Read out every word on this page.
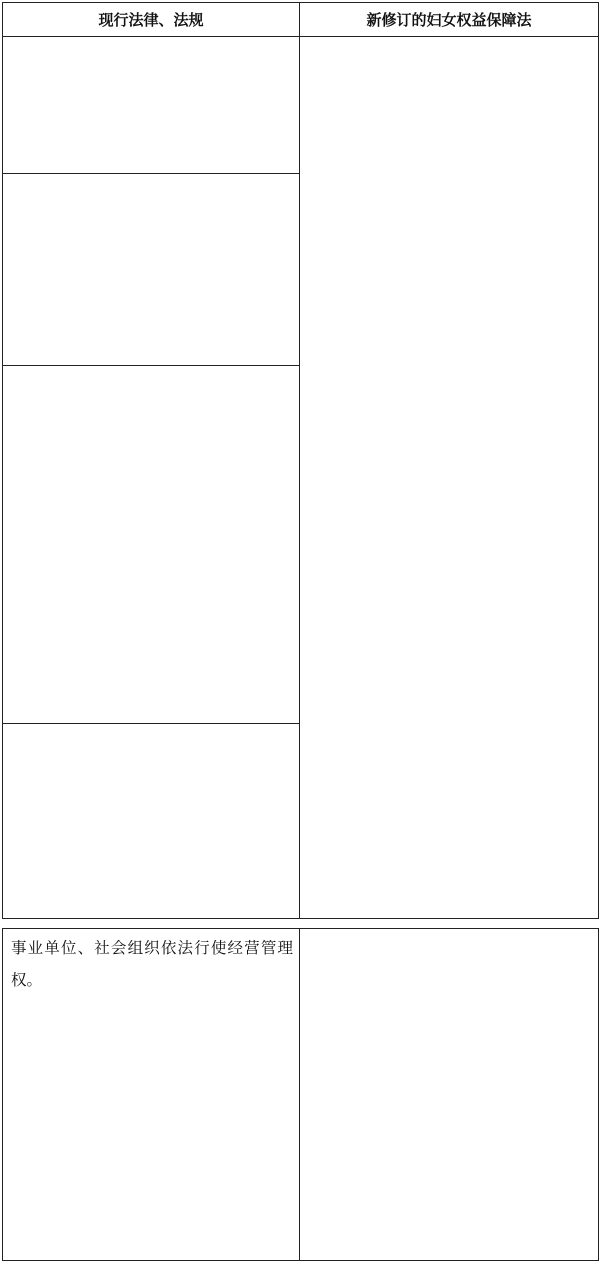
现行法律、法规	新修订的妇女权益保障法

事业单位、社会组织依法行使经营管理权。
